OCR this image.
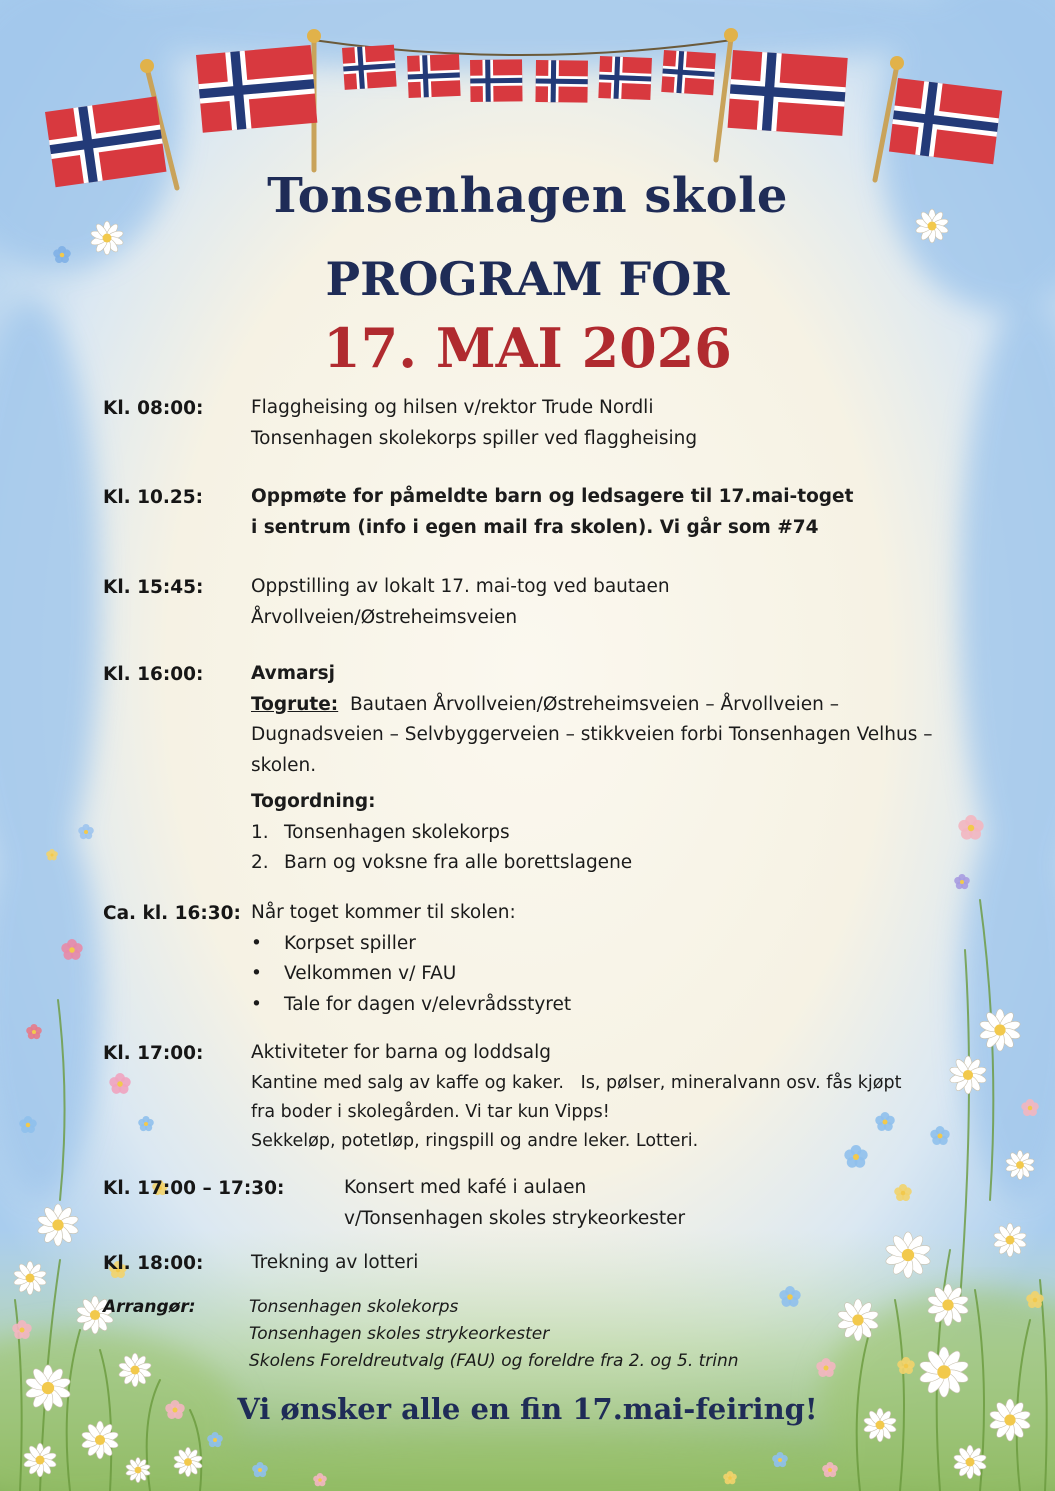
Tonsenhagen skole
PROGRAM FOR
17. MAI 2026
Kl. 08:00:	Flaggheising og hilsen v/rektor Trude Nordli
Tonsenhagen skolekorps spiller ved flaggheising
Kl. 10.25:	Oppmøte for påmeldte barn og ledsagere til 17.mai-toget
i sentrum (info i egen mail fra skolen). Vi går som #74
Kl. 15:45:	Oppstilling av lokalt 17. mai-tog ved bautaen
Årvollveien/Østreheimsveien
Kl. 16:00:	Avmarsj
Togrute: Bautaen Årvollveien/Østreheimsveien – Årvollveien –
Dugnadsveien – Selvbyggerveien – stikkveien forbi Tonsenhagen Velhus –
skolen.
Togordning:
1. Tonsenhagen skolekorps
2. Barn og voksne fra alle borettslagene
Ca. kl. 16:30: Når toget kommer til skolen:
• Korpset spiller
• Velkommen v/ FAU
• Tale for dagen v/elevrådsstyret
Kl. 17:00:	Aktiviteter for barna og loddsalg
Kantine med salg av kaffe og kaker.   Is, pølser, mineralvann osv. fås kjøpt
fra boder i skolegården. Vi tar kun Vipps!
Sekkeløp, potetløp, ringspill og andre leker. Lotteri.
Kl. 17:00 – 17:30:	Konsert med kafé i aulaen
v/Tonsenhagen skoles strykeorkester
Kl. 18:00:	Trekning av lotteri
Arrangør:	Tonsenhagen skolekorps
Tonsenhagen skoles strykeorkester
Skolens Foreldreutvalg (FAU) og foreldre fra 2. og 5. trinn
Vi ønsker alle en fin 17.mai-feiring!
